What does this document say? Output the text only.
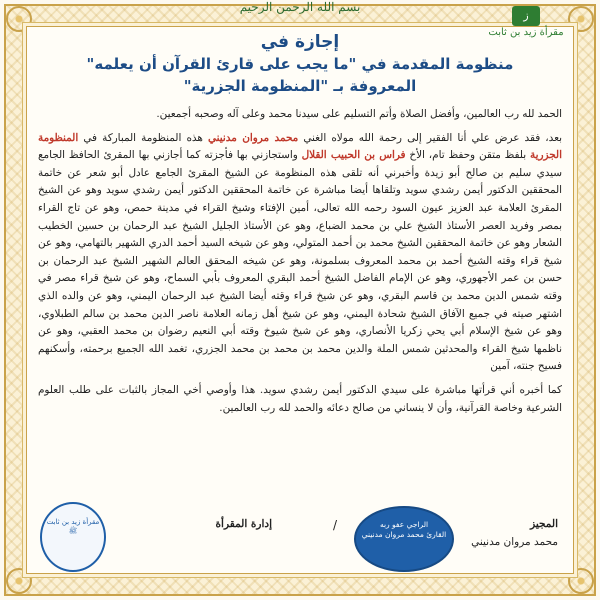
بسم الله الرحمن الرحيم
ز
مقرأة زيد بن ثابت
إجازة في
منظومة المقدمة في "ما يجب على قارئ القرآن أن يعلمه"
المعروفة بـ "المنظومة الجزرية"

الحمد لله رب العالمين، وأفضل الصلاة وأتم التسليم على سيدنا محمد وعلى آله وصحبه أجمعين.

بعد، فقد عرض علي أنا الفقير إلى رحمة الله مولاه الغني محمد مروان مدنيني هذه المنظومة المباركة في المنظومة الجزرية بلفظ متقن وحفظ تام، الأخ فراس بن الحبيب القلال واستجازني بها فأجزته كما أجازني بها المقرئ الحافظ الجامع سيدي سليم بن صالح أبو زيدة وأخبرني أنه تلقى هذه المنظومة عن الشيخ المقرئ الجامع عادل أبو شعر عن خاتمة المحققين الدكتور أيمن رشدي سويد وتلقاها أيضا مباشرة عن خاتمة المحققين الدكتور أيمن رشدي سويد وهو عن الشيخ المقرئ العلامة عبد العزيز عيون السود رحمه الله تعالى، أمين الإفتاء وشيخ القراء في مدينة حمص، وهو عن تاج القراء بمصر وفريد العصر الأستاذ الشيخ علي بن محمد الضباع، وهو عن الأستاذ الجليل الشيخ عبد الرحمان بن حسين الخطيب الشعار وهو عن خاتمة المحققين الشيخ محمد بن أحمد المتولي، وهو عن شيخه السيد أحمد الدري الشهير بالتهامي، وهو عن شيخ قراء وقته الشيخ أحمد بن محمد المعروف بسلمونة، وهو عن شيخه المحقق العالم الشهير الشيخ عبد الرحمان بن حسن بن عمر الأجهوري، وهو عن الإمام الفاضل الشيخ أحمد البقري المعروف بأبي السماح، وهو عن شيخ قراء مصر في وقته شمس الدين محمد بن قاسم البقري، وهو عن شيخ قراء وقته أيضا الشيخ عبد الرحمان اليمني، وهو عن والده الذي اشتهر صيته في جميع الآفاق الشيخ شحادة اليمني، وهو عن شيخ أهل زمانه العلامة ناصر الدين محمد بن سالم الطبلاوي، وهو عن شيخ الإسلام أبي يحي زكريا الأنصاري، وهو عن شيخ شيوخ وقته أبي النعيم رضوان بن محمد العقبي، وهو عن ناظمها شيخ القراء والمحدثين شمس الملة والدين محمد بن محمد بن محمد الجزري، تغمد الله الجميع برحمته، وأسكنهم فسيح جنته، آمين

كما أخبره أني قرأتها مباشرة على سيدي الدكتور أيمن رشدي سويد. هذا وأوصي أخي المجاز بالثبات على طلب العلوم الشرعية وخاصة القرآنية، وأن لا ينساني من صالح دعائه والحمد لله رب العالمين.

المجيز
محمد مروان مدنيني
الراجي عفو ربه
القارئ محمد مروان مدنيني
/
إدارة المقرأة
مقرأة زيد بن ثابت
ﷺ
